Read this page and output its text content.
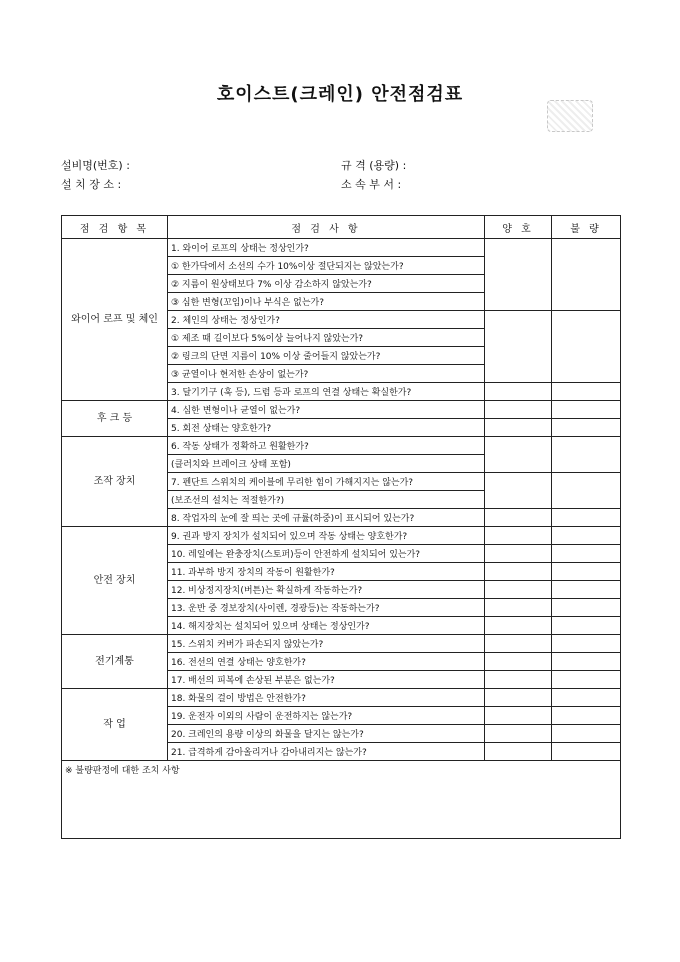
호이스트(크레인) 안전점검표
설비명(번호) :	규 격 (용량) :
설 치 장 소 :	소 속 부 서 :
점 검 항 목	점 검 사 항	양 호	불 량
와이어 로프 및 체인	1. 와이어 로프의 상태는 정상인가?		
	① 한가닥에서 소선의 수가 10%이상 절단되지는 않았는가?		
	② 지름이 원상태보다 7% 이상 감소하지 않았는가?		
	③ 심한 변형(꼬임)이나 부식은 없는가?		
	2. 체인의 상태는 정상인가?		
	① 제조 때 길이보다 5%이상 늘어나지 않았는가?		
	② 링크의 단면 지름이 10% 이상 줄어들지 않았는가?		
	③ 균열이나 현저한 손상이 없는가?		
	3. 달기기구 (훅 등), 드럼 등과 로프의 연결 상태는 확실한가?		
후 크 등	4. 심한 변형이나 균열이 없는가?		
	5. 회전 상태는 양호한가?		
조작 장치	6. 작동 상태가 정확하고 원활한가?		
	(클러치와 브레이크 상태 포함)		
	7. 펜단트 스위치의 케이블에 무리한 힘이 가해지지는 않는가?		
	(보조선의 설치는 적절한가?)		
	8. 작업자의 눈에 잘 띄는 곳에 규률(하중)이 표시되어 있는가?		
안전 장치	9. 권과 방지 장치가 설치되어 있으며 작동 상태는 양호한가?		
	10. 레일에는 완충장치(스토퍼)등이 안전하게 설치되어 있는가?		
	11. 과부하 방지 장치의 작동이 원활한가?		
	12. 비상정지장치(버튼)는 확실하게 작동하는가?		
	13. 운반 중 경보장치(사이렌, 경광등)는 작동하는가?		
	14. 해지장치는 설치되어 있으며 상태는 정상인가?		
전기계통	15. 스위치 커버가 파손되지 않았는가?		
	16. 전선의 연결 상태는 양호한가?		
	17. 배선의 피복에 손상된 부분은 없는가?		
작 업	18. 화물의 걸이 방법은 안전한가?		
	19. 운전자 이외의 사람이 운전하지는 않는가?		
	20. 크레인의 용량 이상의 화물을 달지는 않는가?		
	21. 급격하게 감아올리거나 감아내리지는 않는가?		
※ 불량판정에 대한 조치 사항			
